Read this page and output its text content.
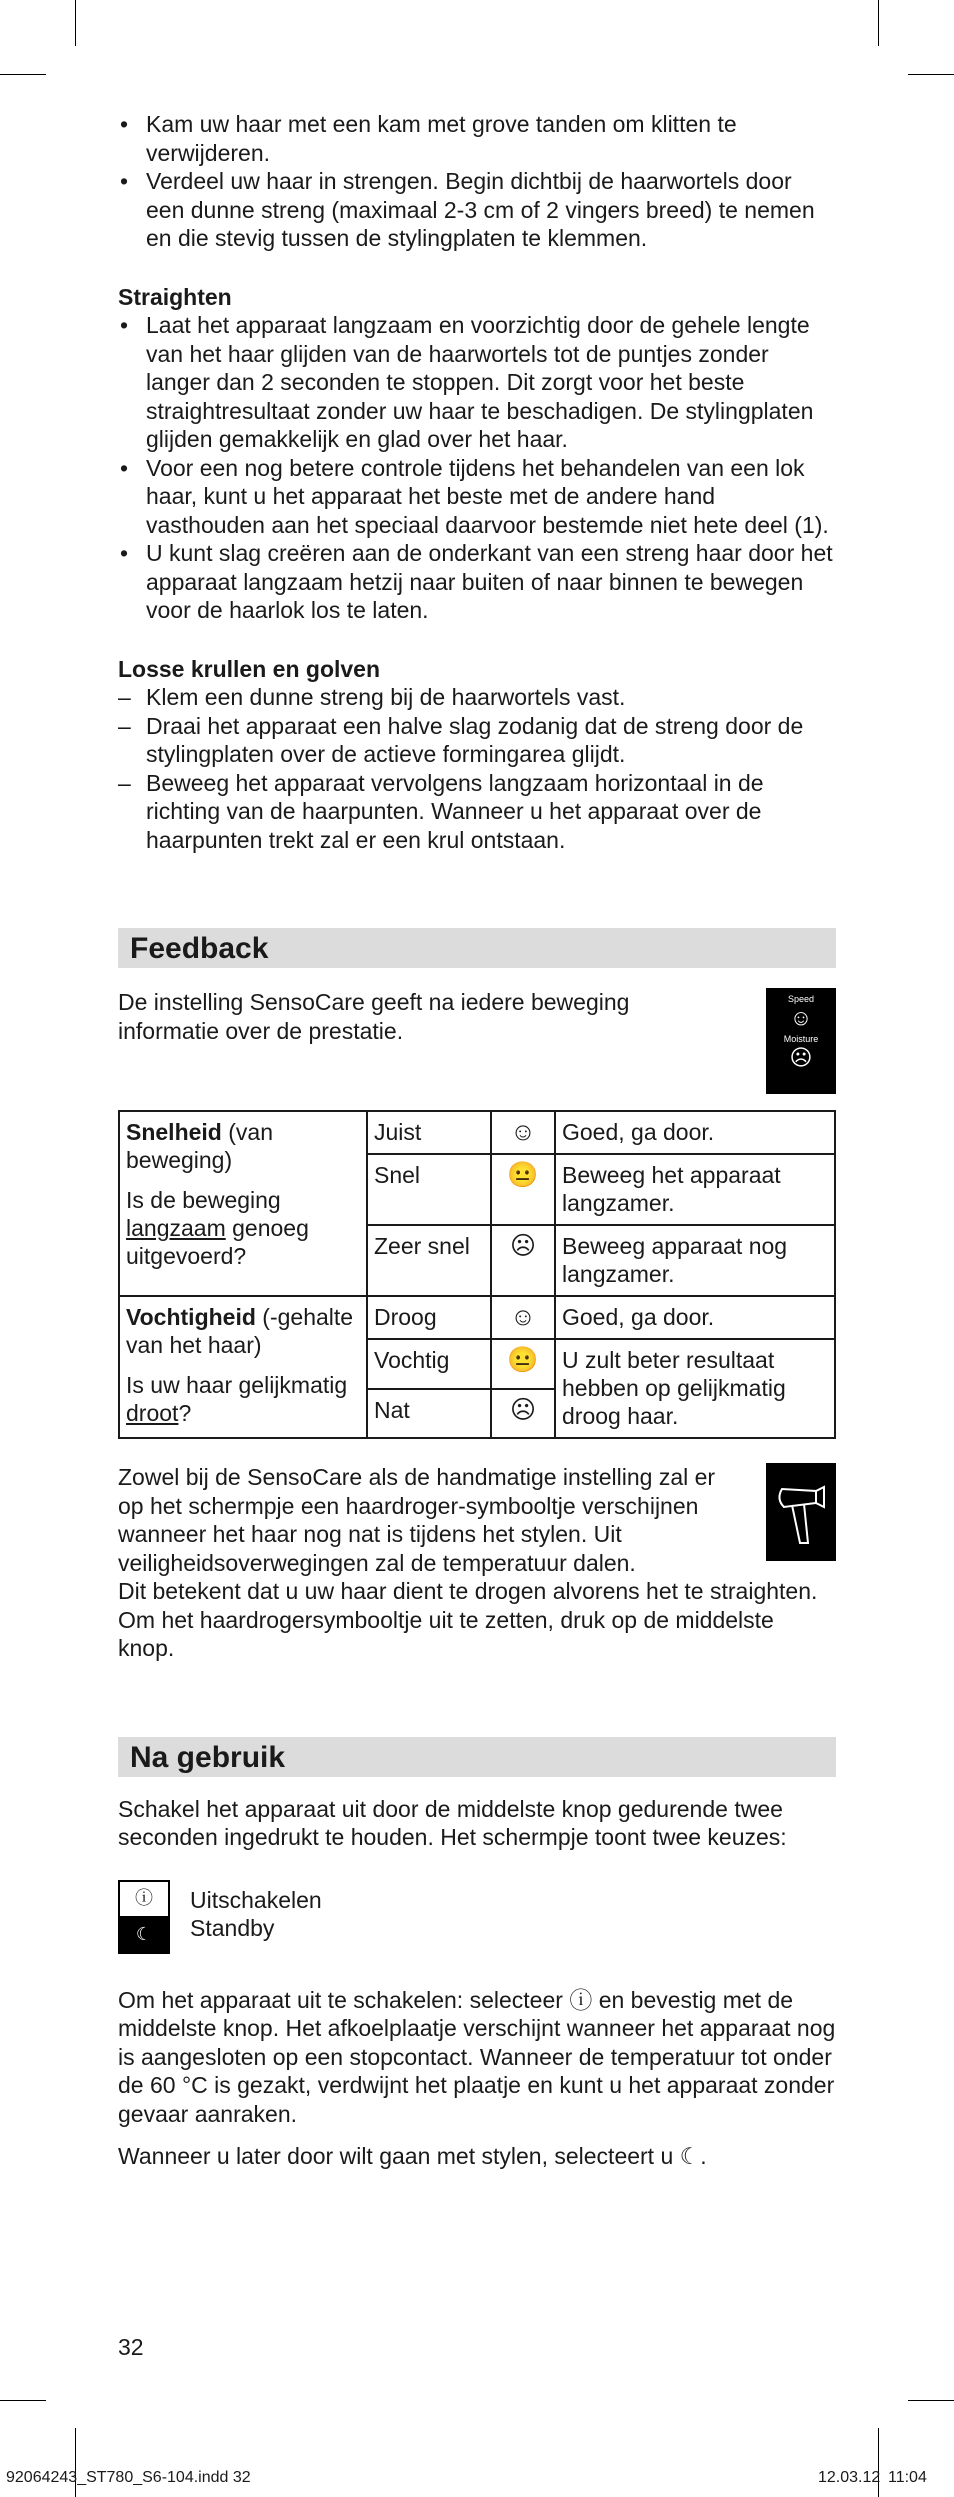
• Kam uw haar met een kam met grove tanden om klitten te verwijderen.
• Verdeel uw haar in strengen. Begin dichtbij de haarwortels door een dunne streng (maximaal 2-3 cm of 2 vingers breed) te nemen en die stevig tussen de stylingplaten te klemmen.

Straighten

• Laat het apparaat langzaam en voorzichtig door de gehele lengte van het haar glijden van de haarwortels tot de puntjes zonder langer dan 2 seconden te stoppen. Dit zorgt voor het beste straightresultaat zonder uw haar te beschadigen. De stylingplaten glijden gemakkelijk en glad over het haar.
• Voor een nog betere controle tijdens het behandelen van een lok haar, kunt u het apparaat het beste met de andere hand vasthouden aan het speciaal daarvoor bestemde niet hete deel (1).
• U kunt slag creëren aan de onderkant van een streng haar door het apparaat langzaam hetzij naar buiten of naar binnen te bewegen voor de haarlok los te laten.

Losse krullen en golven

– Klem een dunne streng bij de haarwortels vast.
– Draai het apparaat een halve slag zodanig dat de streng door de stylingplaten over de actieve formingarea glijdt.
– Beweeg het apparaat vervolgens langzaam horizontaal in de richting van de haarpunten. Wanneer u het apparaat over de haarpunten trekt zal er een krul ontstaan.
Feedback

De instelling SensoCare geeft na iedere beweging informatie over de prestatie.

Speed
☺
Moisture
☹
Snelheid (van beweging)
Is de beweging langzaam genoeg uitgevoerd?	Juist	☺	Goed, ga door.
	Snel	😐	Beweeg het apparaat langzamer.
	Zeer snel	☹	Beweeg apparaat nog langzamer.

Vochtigheid (-gehalte van het haar)
Is uw haar gelijkmatig droot?	Droog	☺	Goed, ga door.
	Vochtig	😐	U zult beter resultaat hebben op gelijkmatig droog haar.
	Nat	☹	

Zowel bij de SensoCare als de handmatige instelling zal er op het schermpje een haardroger-symbooltje verschijnen wanneer het haar nog nat is tijdens het stylen. Uit veiligheidsoverwegingen zal de temperatuur dalen.

Dit betekent dat u uw haar dient te drogen alvorens het te straighten.

Om het haardrogersymbooltje uit te zetten, druk op de middelste knop.

Na gebruik

Schakel het apparaat uit door de middelste knop gedurende twee seconden ingedrukt te houden. Het schermpje toont twee keuzes:

ⓘ
☾
Uitschakelen
Standby

Om het apparaat uit te schakelen: selecteer ⓘ en bevestig met de middelste knop. Het afkoelplaatje verschijnt wanneer het apparaat nog is aangesloten op een stopcontact. Wanneer de temperatuur tot onder de 60 °C is gezakt, verdwijnt het plaatje en kunt u het apparaat zonder gevaar aanraken.

Wanneer u later door wilt gaan met stylen, selecteert u ☾.

32
92064243_ST780_S6-104.indd 32	12.03.12 11:04
